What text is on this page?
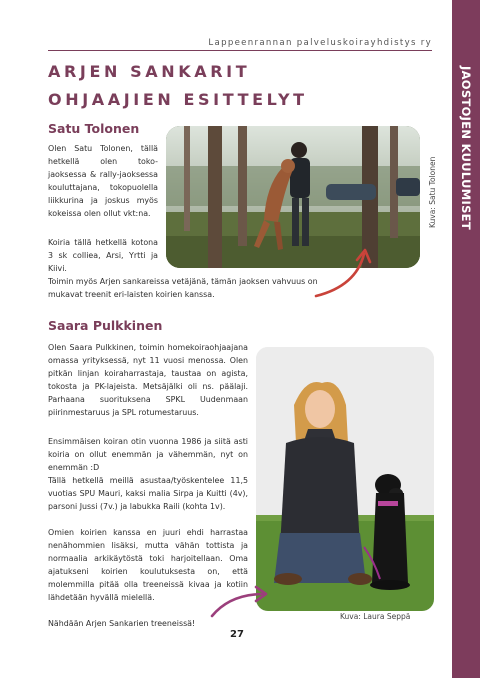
JAOSTOJEN KUULUMISET
Lappeenrannan palveluskoirayhdistys ry
ARJEN SANKARIT
OHJAAJIEN ESITTELYT
Satu Tolonen
Olen Satu Tolonen, tällä hetkellä olen toko-jaoksessa & rally-jaoksessa kouluttajana, tokopuolella liikkurina ja joskus myös kokeissa olen ollut vkt:na.
Koiria tällä hetkellä kotona 3 sk colliea, Arsi, Yrtti ja Kiivi.
Toimin myös Arjen sankareissa vetäjänä, tämän jaoksen vahvuus on mukavat treenit eri-laisten koirien kanssa.
Kuva: Satu Tolonen
Saara Pulkkinen
Olen Saara Pulkkinen, toimin homekoiraohjaajana omassa yrityksessä, nyt 11 vuosi menossa. Olen pitkän linjan koiraharrastaja, taustaa on agista, tokosta ja PK-lajeista. Metsäjälki oli ns. päälaji. Parhaana suorituksena SPKL Uudenmaan piirinmestaruus ja SPL rotumestaruus.
Ensimmäisen koiran otin vuonna 1986 ja siitä asti koiria on ollut enemmän ja vähemmän, nyt on enemmän :D
Tällä hetkellä meillä asustaa/työskentelee 11,5 vuotias SPU Mauri, kaksi malia Sirpa ja Kuitti (4v), parsoni Jussi (7v.) ja labukka Raili (kohta 1v).
Omien koirien kanssa en juuri ehdi harrastaa nenähommien lisäksi, mutta vähän tottista ja normaalia arkikäytöstä toki harjoitellaan. Oma ajatukseni koirien koulutuksesta on, että molemmilla pitää olla treeneissä kivaa ja kotiin lähdetään hyvällä mielellä.
Nähdään Arjen Sankarien treeneissä!
Kuva: Laura Seppä
27
